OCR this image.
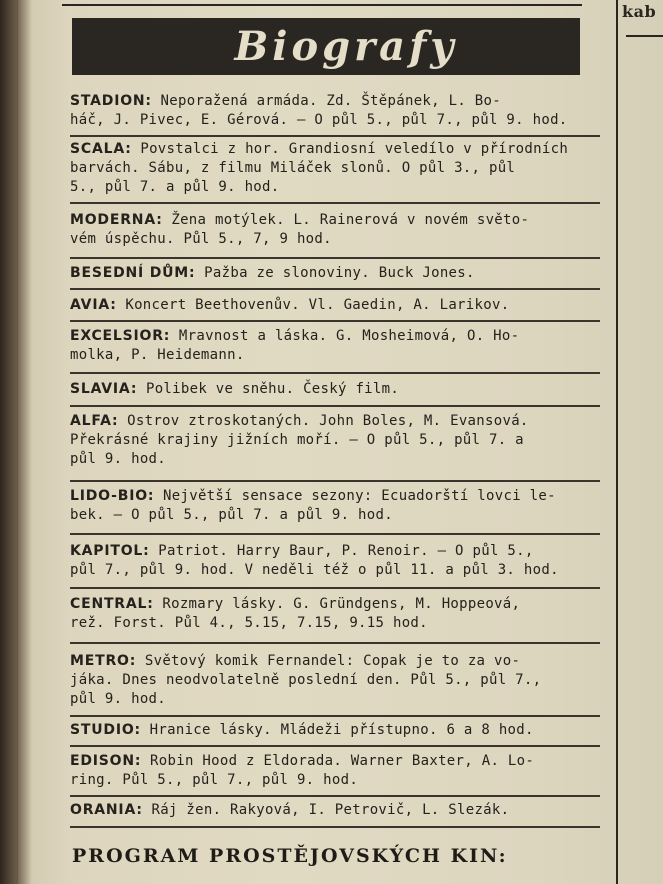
kab
Biografy
STADION: Neporažená armáda. Zd. Štěpánek, L. Bo-
háč, J. Pivec, E. Gérová. — O půl 5., půl 7., půl 9. hod.
SCALA: Povstalci z hor. Grandiosní veledílo v přírodních
barvách. Sábu, z filmu Miláček slonů. O půl 3., půl
5., půl 7. a půl 9. hod.
MODERNA: Žena motýlek. L. Rainerová v novém světo-
vém úspěchu. Půl 5., 7, 9 hod.
BESEDNÍ DŮM: Pažba ze slonoviny. Buck Jones.
AVIA: Koncert Beethovenův. Vl. Gaedin, A. Larikov.
EXCELSIOR: Mravnost a láska. G. Mosheimová, O. Ho-
molka, P. Heidemann.
SLAVIA: Polibek ve sněhu. Český film.
ALFA: Ostrov ztroskotaných. John Boles, M. Evansová.
Překrásné krajiny jižních moří. — O půl 5., půl 7. a
půl 9. hod.
LIDO-BIO: Největší sensace sezony: Ecuadorští lovci le-
bek. — O půl 5., půl 7. a půl 9. hod.
KAPITOL: Patriot. Harry Baur, P. Renoir. — O půl 5.,
půl 7., půl 9. hod. V neděli též o půl 11. a půl 3. hod.
CENTRAL: Rozmary lásky. G. Gründgens, M. Hoppeová,
rež. Forst. Půl 4., 5.15, 7.15, 9.15 hod.
METRO: Světový komik Fernandel: Copak je to za vo-
jáka. Dnes neodvolatelně poslední den. Půl 5., půl 7.,
půl 9. hod.
STUDIO: Hranice lásky. Mládeži přístupno. 6 a 8 hod.
EDISON: Robin Hood z Eldorada. Warner Baxter, A. Lo-
ring. Půl 5., půl 7., půl 9. hod.
ORANIA: Ráj žen. Rakyová, I. Petrovič, L. Slezák.
PROGRAM PROSTĚJOVSKÝCH KIN:
